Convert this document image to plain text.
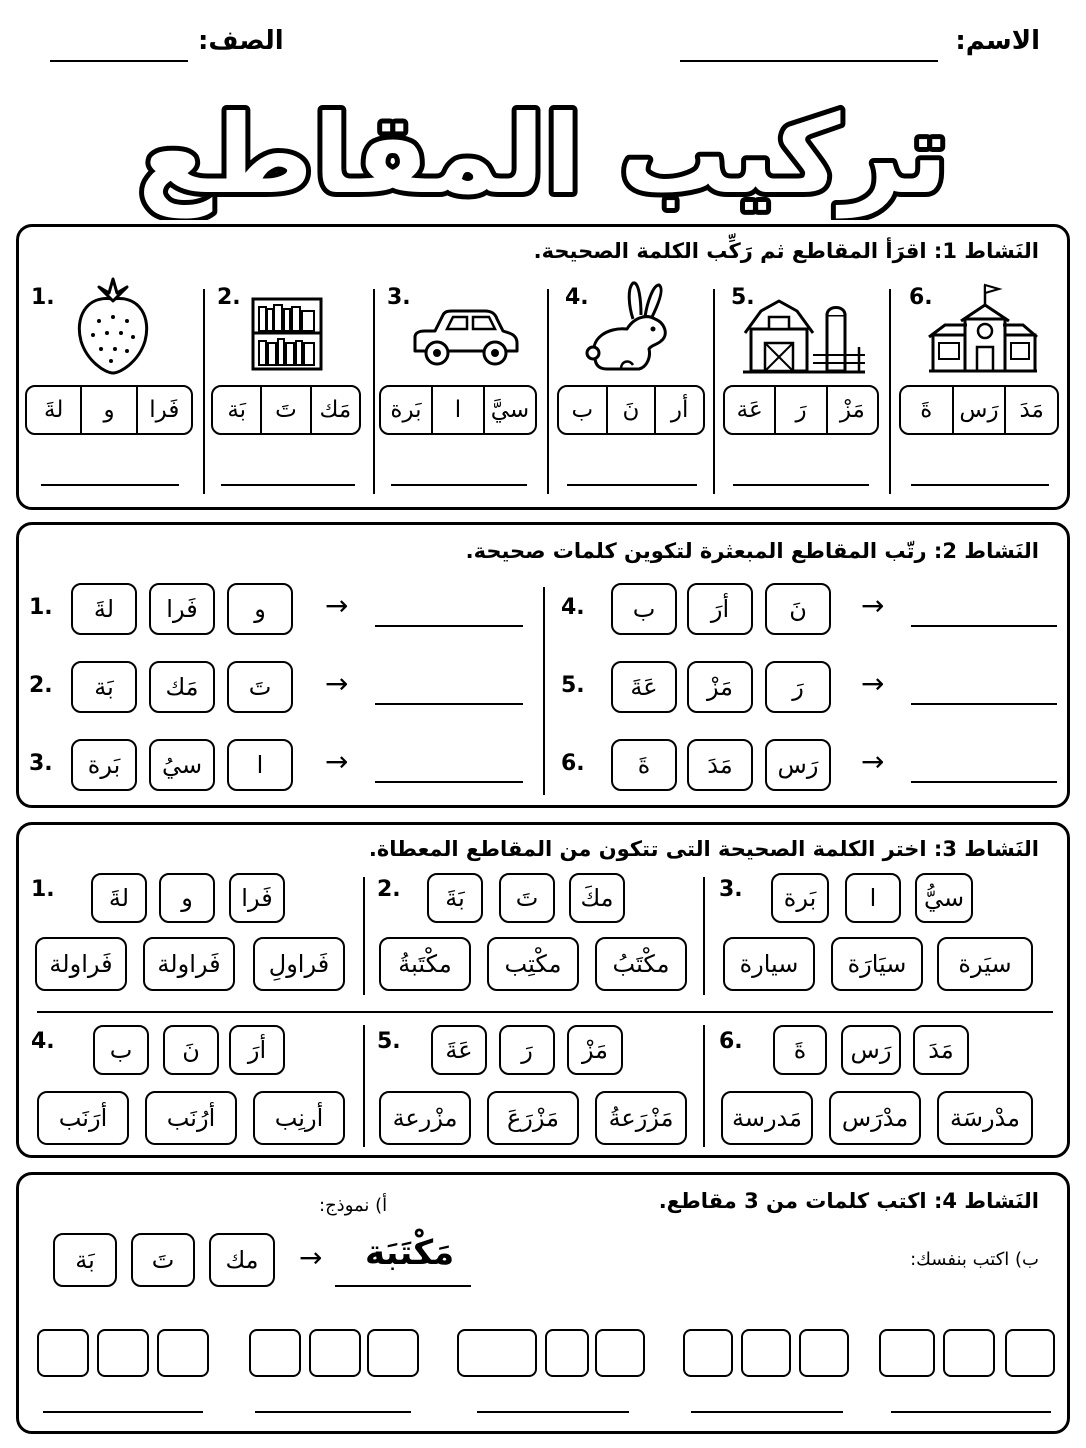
الاسم:
الصف:
تركيب المقاطع
النَشاط 1: اقرَأ المقاطع ثم رَكِّب الكلمة الصحيحة.
1.
فَرا
و
لةَ
2.
مَك
تَ
بَة
3.
سيَّ
ا
بَرة
4.
أر
نَ
ب
5.
مَزْ
رَ
عَة
6.
مَدَ
رَس
ةَ
النَشاط 2: رتّب المقاطع المبعثرة لتكوين كلمات صحيحة.
1.	لةَ	فَرا	و	→
2.	بَة	مَك	تَ	→
3.	بَرة	سيُ	ا	→
4.	ب	أرَ	نَ	→
5.	عَةَ	مَزْ	رَ	→
6.	ةَ	مَدَ	رَس	→
النَشاط 3: اختر الكلمة الصحيحة التى تتكون من المقاطع المعطاة.
1.	لةَ	و	فَرا
فَراولة	فَراولة	فَراولِ
2.	بَةَ	تَ	مكَ
مكْتَبةُ	مكْتِب	مكْتَبُ
3.	بَرة	ا	سيُّ
سيارة	سيَارَة	سيَرة
4.	ب	نَ	أرَ
أرَنَب	أرُنَب	أرنِب
5.	عَةَ	رَ	مَزْ
مزْرعة	مَزْرَعَ	مَزْرَعةُ
6.	ةَ	رَس	مَدَ
مَدرسة	مدْرَس	مدْرسَة
النَشاط 4: اكتب كلمات من 3 مقاطع.
أ) نموذج:
بَة	تَ	مك	→ مَكْتَبَة	ب) اكتب بنفسك:
